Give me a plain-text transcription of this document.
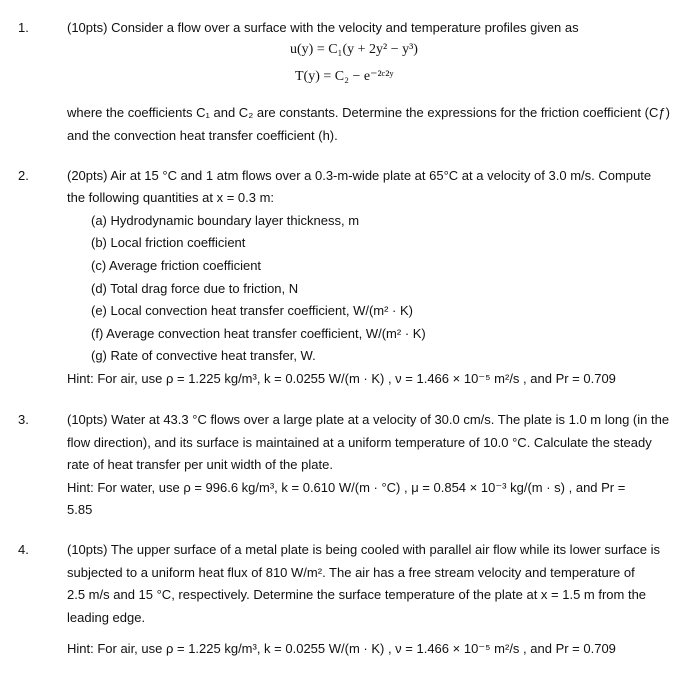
1.	(10pts) Consider a flow over a surface with the velocity and temperature profiles given as
u(y) = C₁(y + 2y² − y³)
T(y) = C₂ − e⁻²ᶜ²ʸ
where the coefficients C₁ and C₂ are constants. Determine the expressions for the friction coefficient (Cƒ)
and the convection heat transfer coefficient (h).
2.	(20pts) Air at 15 °C and 1 atm flows over a 0.3-m-wide plate at 65°C at a velocity of 3.0 m/s. Compute
the following quantities at x = 0.3 m:
(a) Hydrodynamic boundary layer thickness, m
(b) Local friction coefficient
(c) Average friction coefficient
(d) Total drag force due to friction, N
(e) Local convection heat transfer coefficient, W/(m² · K)
(f) Average convection heat transfer coefficient, W/(m² · K)
(g) Rate of convective heat transfer, W.
Hint: For air, use ρ = 1.225 kg/m³, k = 0.0255 W/(m · K) , ν = 1.466 × 10⁻⁵ m²/s , and Pr = 0.709
3.	(10pts) Water at 43.3 °C flows over a large plate at a velocity of 30.0 cm/s. The plate is 1.0 m long (in the
flow direction), and its surface is maintained at a uniform temperature of 10.0 °C. Calculate the steady
rate of heat transfer per unit width of the plate.
Hint: For water, use ρ = 996.6 kg/m³, k = 0.610 W/(m · °C) , μ = 0.854 × 10⁻³ kg/(m · s) , and Pr =
5.85
4.	(10pts) The upper surface of a metal plate is being cooled with parallel air flow while its lower surface is
subjected to a uniform heat flux of 810 W/m². The air has a free stream velocity and temperature of
2.5 m/s and 15 °C, respectively. Determine the surface temperature of the plate at x = 1.5 m from the
leading edge.
Hint: For air, use ρ = 1.225 kg/m³, k = 0.0255 W/(m · K) , ν = 1.466 × 10⁻⁵ m²/s , and Pr = 0.709
